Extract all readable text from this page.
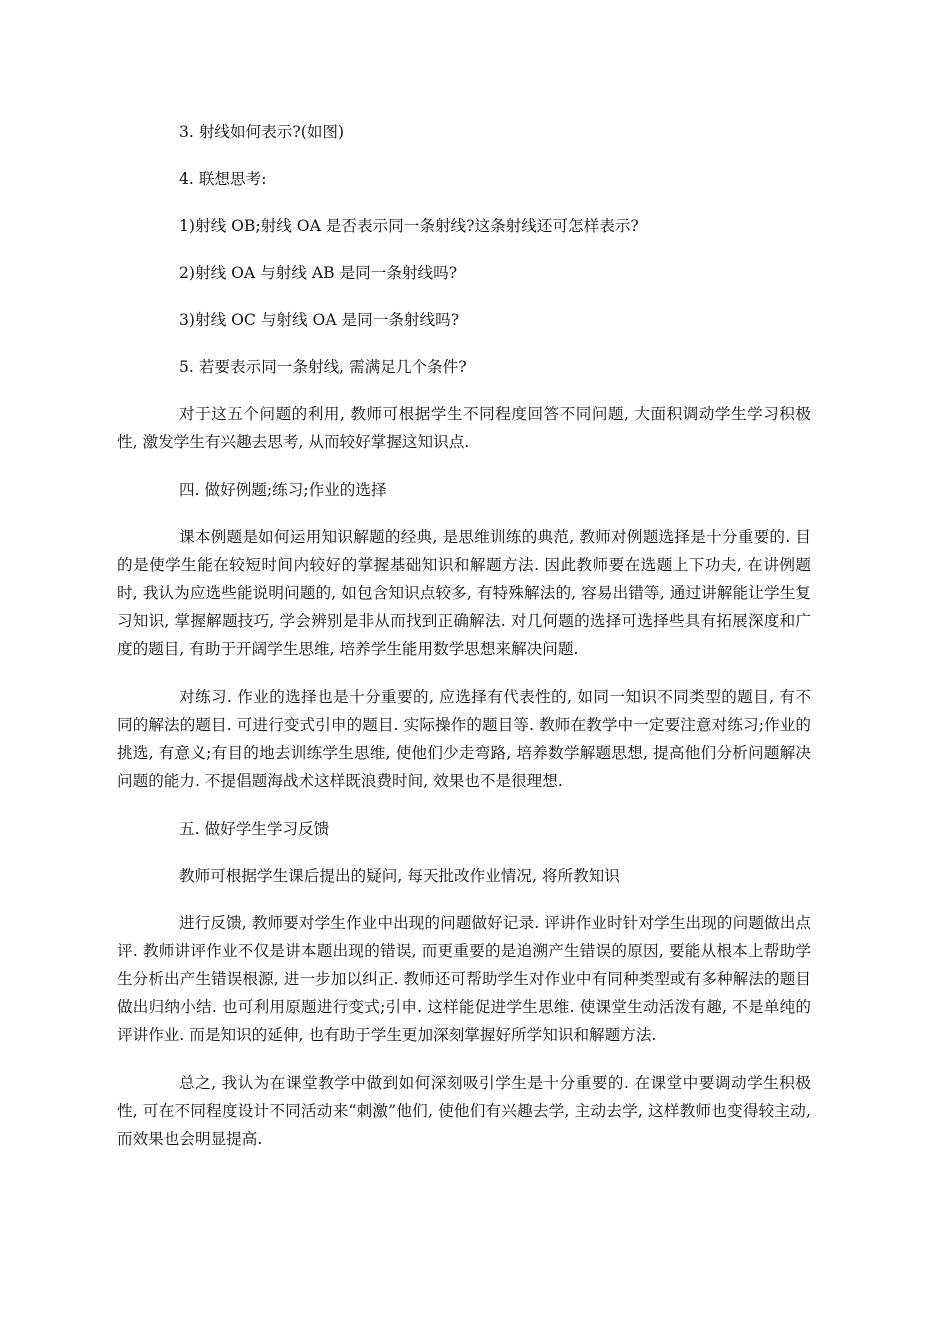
3. 射线如何表示?(如图)

4. 联想思考:

1)射线 OB;射线 OA 是否表示同一条射线?这条射线还可怎样表示?

2)射线 OA 与射线 AB 是同一条射线吗?

3)射线 OC 与射线 OA 是同一条射线吗?

5. 若要表示同一条射线, 需满足几个条件?

对于这五个问题的利用, 教师可根据学生不同程度回答不同问题, 大面积调动学生学习积极性, 激发学生有兴趣去思考, 从而较好掌握这知识点.

四. 做好例题;练习;作业的选择

课本例题是如何运用知识解题的经典, 是思维训练的典范, 教师对例题选择是十分重要的. 目的是使学生能在较短时间内较好的掌握基础知识和解题方法. 因此教师要在选题上下功夫, 在讲例题时, 我认为应选些能说明问题的, 如包含知识点较多, 有特殊解法的, 容易出错等, 通过讲解能让学生复习知识, 掌握解题技巧, 学会辨别是非从而找到正确解法. 对几何题的选择可选择些具有拓展深度和广度的题目, 有助于开阔学生思维, 培养学生能用数学思想来解决问题.

对练习. 作业的选择也是十分重要的, 应选择有代表性的, 如同一知识不同类型的题目, 有不同的解法的题目. 可进行变式引申的题目. 实际操作的题目等. 教师在教学中一定要注意对练习;作业的挑选, 有意义;有目的地去训练学生思维, 使他们少走弯路, 培养数学解题思想, 提高他们分析问题解决问题的能力. 不提倡题海战术这样既浪费时间, 效果也不是很理想.

五. 做好学生学习反馈

教师可根据学生课后提出的疑问, 每天批改作业情况, 将所教知识

进行反馈, 教师要对学生作业中出现的问题做好记录. 评讲作业时针对学生出现的问题做出点评. 教师讲评作业不仅是讲本题出现的错误, 而更重要的是追溯产生错误的原因, 要能从根本上帮助学生分析出产生错误根源, 进一步加以纠正. 教师还可帮助学生对作业中有同种类型或有多种解法的题目做出归纳小结. 也可利用原题进行变式;引申. 这样能促进学生思维. 使课堂生动活泼有趣, 不是单纯的评讲作业. 而是知识的延伸, 也有助于学生更加深刻掌握好所学知识和解题方法.

总之, 我认为在课堂教学中做到如何深刻吸引学生是十分重要的. 在课堂中要调动学生积极性, 可在不同程度设计不同活动来“刺激”他们, 使他们有兴趣去学, 主动去学, 这样教师也变得较主动, 而效果也会明显提高.
